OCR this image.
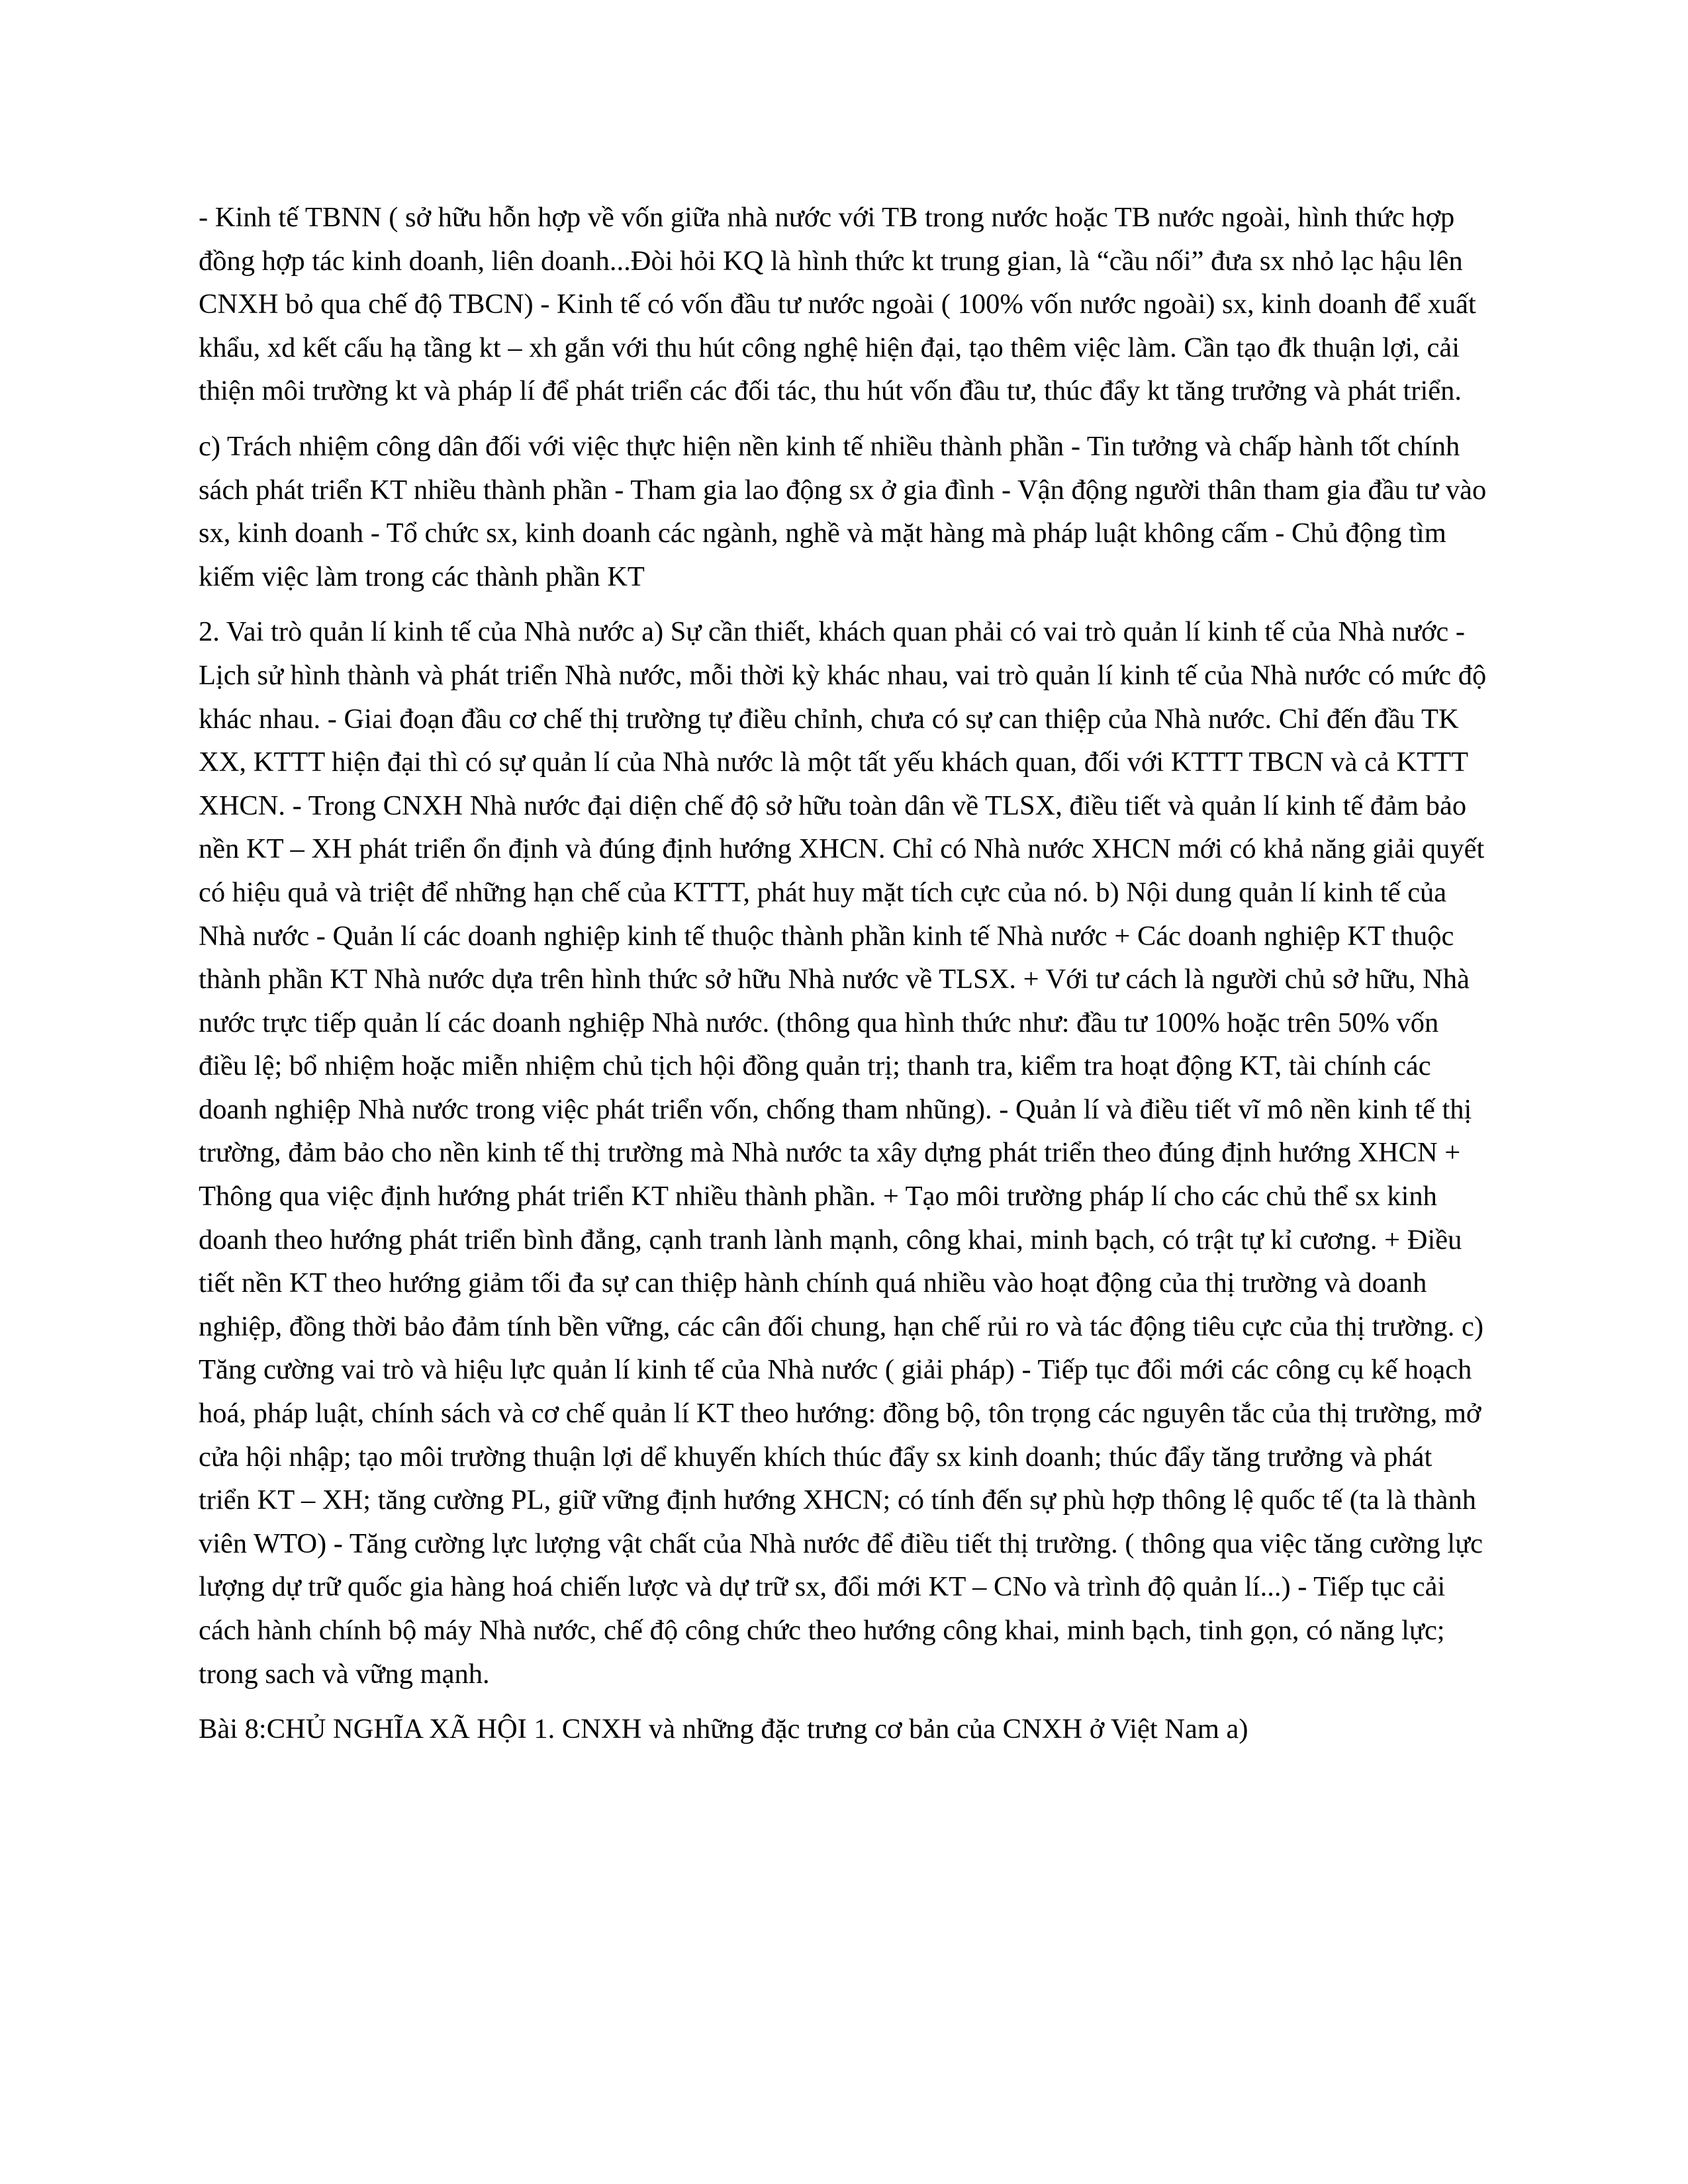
- Kinh tế TBNN ( sở hữu hỗn hợp về vốn giữa nhà nước với TB trong nước hoặc TB nước ngoài, hình thức hợp đồng hợp tác kinh doanh, liên doanh...Đòi hỏi KQ là hình thức kt trung gian, là “cầu nối” đưa sx nhỏ lạc hậu lên CNXH bỏ qua chế độ TBCN) - Kinh tế có vốn đầu tư nước ngoài ( 100% vốn nước ngoài) sx, kinh doanh để xuất khẩu, xd kết cấu hạ tầng kt – xh gắn với thu hút công nghệ hiện đại, tạo thêm việc làm. Cần tạo đk thuận lợi, cải thiện môi trường kt và pháp lí để phát triển các đối tác, thu hút vốn đầu tư, thúc đẩy kt tăng trưởng và phát triển.

c) Trách nhiệm công dân đối với việc thực hiện nền kinh tế nhiều thành phần - Tin tưởng và chấp hành tốt chính sách phát triển KT nhiều thành phần - Tham gia lao động sx ở gia đình - Vận động người thân tham gia đầu tư vào sx, kinh doanh - Tổ chức sx, kinh doanh các ngành, nghề và mặt hàng mà pháp luật không cấm - Chủ động tìm kiếm việc làm trong các thành phần KT

2. Vai trò quản lí kinh tế của Nhà nước a) Sự cần thiết, khách quan phải có vai trò quản lí kinh tế của Nhà nước - Lịch sử hình thành và phát triển Nhà nước, mỗi thời kỳ khác nhau, vai trò quản lí kinh tế của Nhà nước có mức độ khác nhau. - Giai đoạn đầu cơ chế thị trường tự điều chỉnh, chưa có sự can thiệp của Nhà nước. Chỉ đến đầu TK XX, KTTT hiện đại thì có sự quản lí của Nhà nước là một tất yếu khách quan, đối với KTTT TBCN và cả KTTT XHCN. - Trong CNXH Nhà nước đại diện chế độ sở hữu toàn dân về TLSX, điều tiết và quản lí kinh tế đảm bảo nền KT – XH phát triển ổn định và đúng định hướng XHCN. Chỉ có Nhà nước XHCN mới có khả năng giải quyết có hiệu quả và triệt để những hạn chế của KTTT, phát huy mặt tích cực của nó. b) Nội dung quản lí kinh tế của Nhà nước - Quản lí các doanh nghiệp kinh tế thuộc thành phần kinh tế Nhà nước + Các doanh nghiệp KT thuộc thành phần KT Nhà nước dựa trên hình thức sở hữu Nhà nước về TLSX. + Với tư cách là người chủ sở hữu, Nhà nước trực tiếp quản lí các doanh nghiệp Nhà nước. (thông qua hình thức như: đầu tư 100% hoặc trên 50% vốn điều lệ; bổ nhiệm hoặc miễn nhiệm chủ tịch hội đồng quản trị; thanh tra, kiểm tra hoạt động KT, tài chính các doanh nghiệp Nhà nước trong việc phát triển vốn, chống tham nhũng). - Quản lí và điều tiết vĩ mô nền kinh tế thị trường, đảm bảo cho nền kinh tế thị trường mà Nhà nước ta xây dựng phát triển theo đúng định hướng XHCN + Thông qua việc định hướng phát triển KT nhiều thành phần. + Tạo môi trường pháp lí cho các chủ thể sx kinh doanh theo hướng phát triển bình đẳng, cạnh tranh lành mạnh, công khai, minh bạch, có trật tự kỉ cương. + Điều tiết nền KT theo hướng giảm tối đa sự can thiệp hành chính quá nhiều vào hoạt động của thị trường và doanh nghiệp, đồng thời bảo đảm tính bền vững, các cân đối chung, hạn chế rủi ro và tác động tiêu cực của thị trường. c) Tăng cường vai trò và hiệu lực quản lí kinh tế của Nhà nước ( giải pháp) - Tiếp tục đổi mới các công cụ kế hoạch hoá, pháp luật, chính sách và cơ chế quản lí KT theo hướng: đồng bộ, tôn trọng các nguyên tắc của thị trường, mở cửa hội nhập; tạo môi trường thuận lợi dể khuyến khích thúc đẩy sx kinh doanh; thúc đẩy tăng trưởng và phát triển KT – XH; tăng cường PL, giữ vững định hướng XHCN; có tính đến sự phù hợp thông lệ quốc tế (ta là thành viên WTO) - Tăng cường lực lượng vật chất của Nhà nước để điều tiết thị trường. ( thông qua việc tăng cường lực lượng dự trữ quốc gia hàng hoá chiến lược và dự trữ sx, đổi mới KT – CNo và trình độ quản lí...) - Tiếp tục cải cách hành chính bộ máy Nhà nước, chế độ công chức theo hướng công khai, minh bạch, tinh gọn, có năng lực; trong sach và vững mạnh.

Bài 8:CHỦ NGHĨA XÃ HỘI 1. CNXH và những đặc trưng cơ bản của CNXH ở Việt Nam a)
